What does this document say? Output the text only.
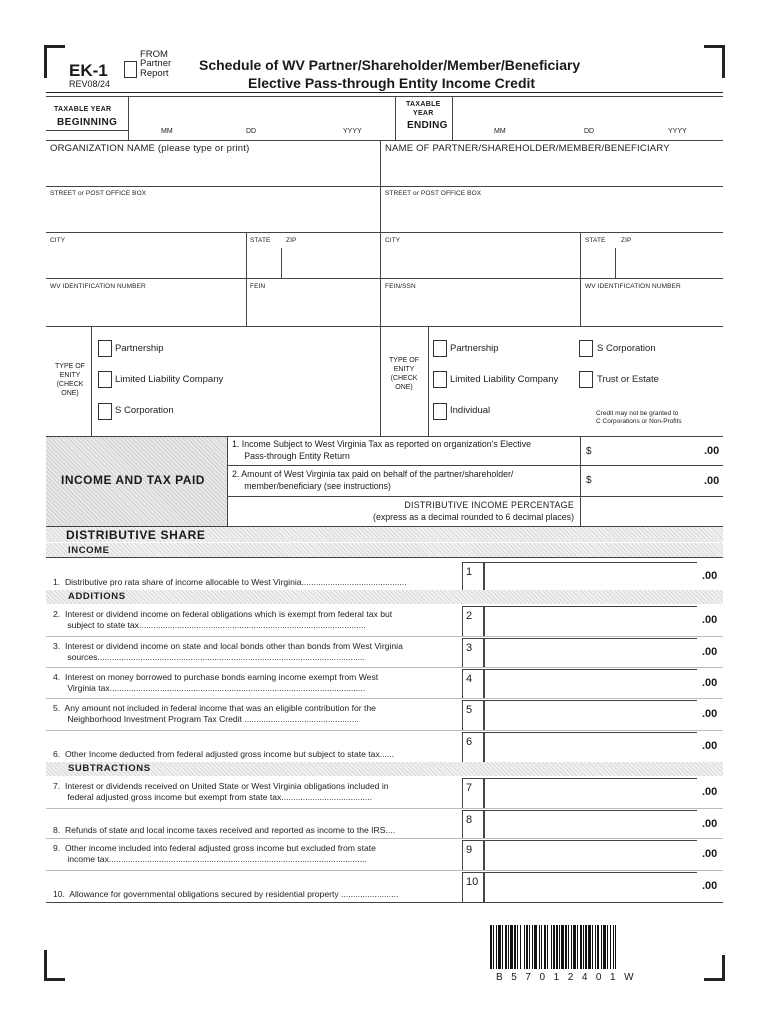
EK-1
REV08/24
FROM
Partner
Report
Schedule of WV Partner/Shareholder/Member/Beneficiary
Elective Pass-through Entity Income Credit
TAXABLE YEAR
BEGINNING
MM	DD	YYYY
TAXABLE
YEAR
ENDING
MM	DD	YYYY
ORGANIZATION NAME (please type or print)	NAME OF PARTNER/SHAREHOLDER/MEMBER/BENEFICIARY
STREET or POST OFFICE BOX	STREET or POST OFFICE BOX
CITY	STATE ZIP	CITY	STATE ZIP
WV IDENTIFICATION NUMBER	FEIN	FEIN/SSN	WV IDENTIFICATION NUMBER
TYPE OF
ENITY
(CHECK
ONE)
Partnership
Limited Liability Company
S Corporation
TYPE OF
ENITY
(CHECK
ONE)
Partnership	S Corporation
Limited Liability Company	Trust or Estate
Individual	Credit may not be granted to
C Corporations or Non-Profits
INCOME AND TAX PAID
1. Income Subject to West Virginia Tax as reported on organization's Elective
Pass-through Entity Return	$	.00
2. Amount of West Virginia tax paid on behalf of the partner/shareholder/
member/beneficiary (see instructions)	$	.00
DISTRIBUTIVE INCOME PERCENTAGE
(express as a decimal rounded to 6 decimal places)
DISTRIBUTIVE SHARE
INCOME
1.  Distributive pro rata share of income allocable to West Virginia............................................
1	.00
2.  Interest or dividend income on federal obligations which is exempt from federal tax but
subject to state tax...............................................................................................
2	.00
3.  Interest or dividend income on state and local bonds other than bonds from West Virginia
sources................................................................................................................
3	.00
4.  Interest on money borrowed to purchase bonds earning income exempt from West
Virginia tax...........................................................................................................
4	.00
5.  Any amount not included in federal income that was an eligible contribution for the
Neighborhood Investment Program Tax Credit ................................................
5	.00
6.  Other Income deducted from federal adjusted gross income but subject to state tax......
6	.00
7.  Interest or dividends received on United State or West Virginia obligations included in
federal adjusted gross income but exempt from state tax......................................
7	.00
8.  Refunds of state and local income taxes received and reported as income to the IRS....
8	.00
9.  Other income included into federal adjusted gross income but excluded from state
income tax............................................................................................................
9	.00
10.  Allowance for governmental obligations secured by residential property ........................
10	.00
ADDITIONS
SUBTRACTIONS
B  5  7  0  1  2  4  0  1  W
